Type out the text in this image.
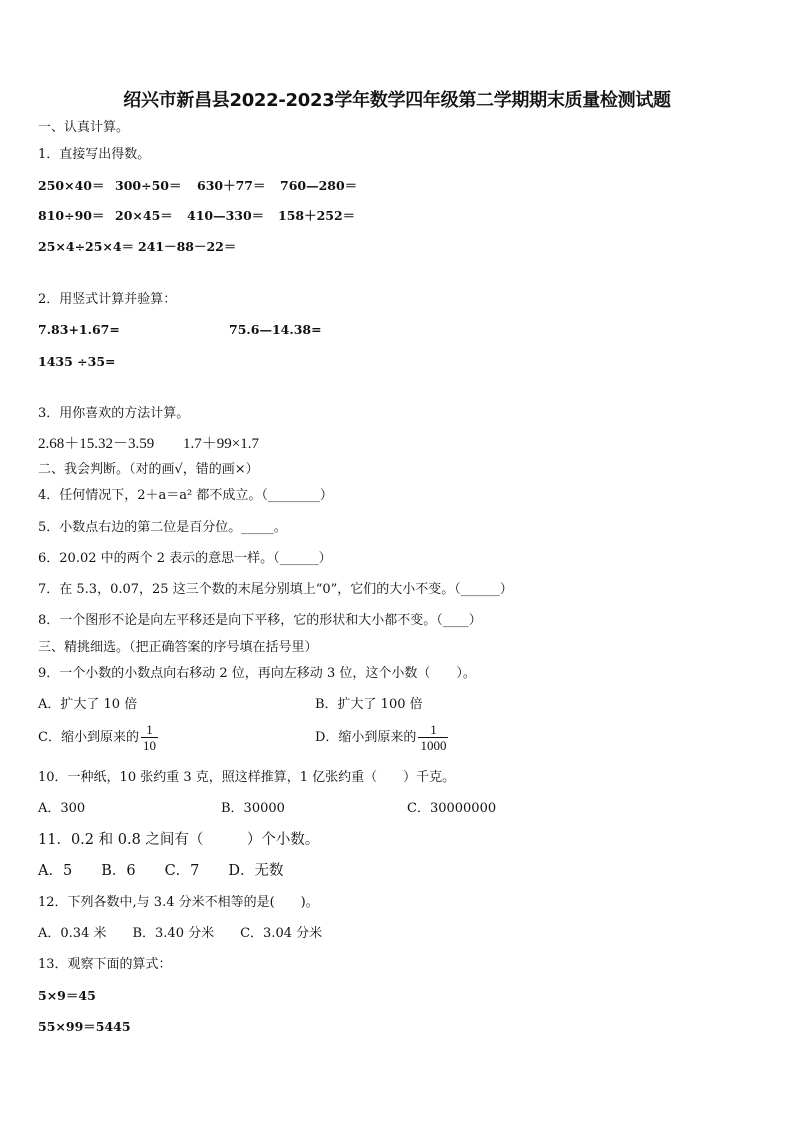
绍兴市新昌县2022-2023学年数学四年级第二学期期末质量检测试题
一、认真计算。
1．直接写出得数。
250×40＝ 300÷50＝ 630＋77＝ 760—280＝
810÷90＝ 20×45＝ 410—330＝ 158＋252＝
25×4÷25×4＝ 241－88－22＝
2．用竖式计算并验算：
7.83+1.67=	75.6—14.38=
1435 ÷35=
3．用你喜欢的方法计算。
2.68＋15.32－3.59 1.7＋99×1.7
二、我会判断。（对的画√，错的画×）
4．任何情况下，2＋a＝a² 都不成立。（________）
5．小数点右边的第二位是百分位。_____。
6．20.02 中的两个 2 表示的意思一样。（______）
7．在 5.3，0.07，25 这三个数的末尾分别填上“0”，它们的大小不变。（______）
8．一个图形不论是向左平移还是向下平移，它的形状和大小都不变。（____）
三、精挑细选。（把正确答案的序号填在括号里）
9．一个小数的小数点向右移动 2 位，再向左移动 3 位，这个小数（　　）。
A．扩大了 10 倍	B．扩大了 100 倍
C．缩小到原来的 $\frac{1}{10}$	D．缩小到原来的 $\frac{1}{1000}$
10．一种纸，10 张约重 3 克，照这样推算，1 亿张约重（　　）千克。
A．300	B．30000	C．30000000
11．0.2 和 0.8 之间有（　　　）个小数。
A．5　　B．6　　C．7　　D．无数
12．下列各数中,与 3.4 分米不相等的是(　　)。
A．0.34 米　　B．3.40 分米　　C．3.04 分米
13．观察下面的算式：
5×9＝45
55×99＝5445
